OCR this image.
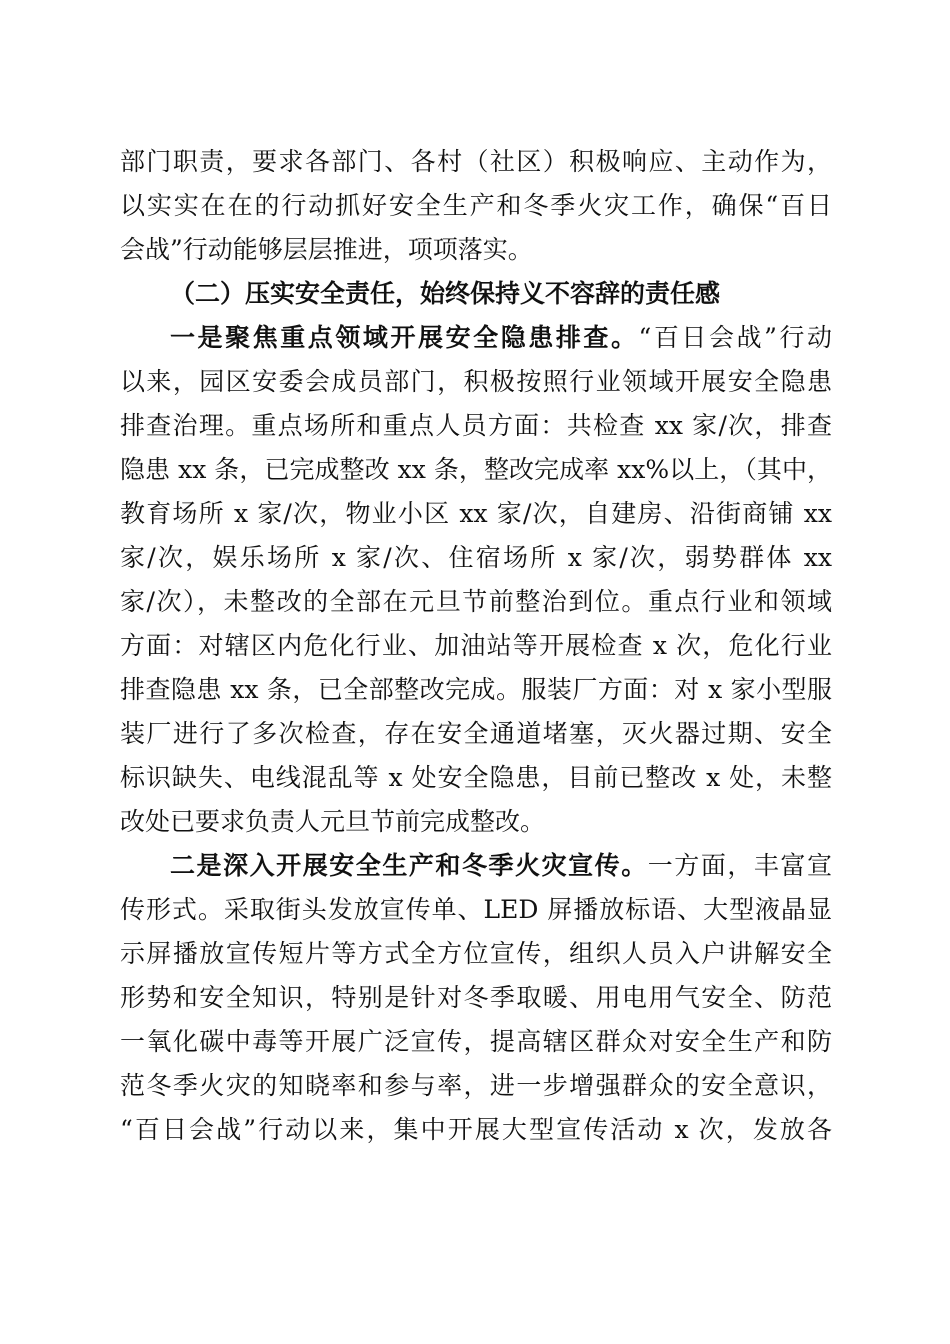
部门职责，要求各部门、各村（社区）积极响应、主动作为，
以实实在在的行动抓好安全生产和冬季火灾工作，确保“百日
会战”行动能够层层推进，项项落实。
（二）压实安全责任，始终保持义不容辞的责任感
一是聚焦重点领域开展安全隐患排查。“百日会战”行动
以来，园区安委会成员部门，积极按照行业领域开展安全隐患
排查治理。重点场所和重点人员方面：共检查 xx 家/次，排查
隐患 xx 条，已完成整改 xx 条，整改完成率 xx%以上，（其中，
教育场所 x 家/次，物业小区 xx 家/次，自建房、沿街商铺 xx
家/次，娱乐场所 x 家/次、住宿场所 x 家/次，弱势群体 xx
家/次），未整改的全部在元旦节前整治到位。重点行业和领域
方面：对辖区内危化行业、加油站等开展检查 x 次，危化行业
排查隐患 xx 条，已全部整改完成。服装厂方面：对 x 家小型服
装厂进行了多次检查，存在安全通道堵塞，灭火器过期、安全
标识缺失、电线混乱等 x 处安全隐患，目前已整改 x 处，未整
改处已要求负责人元旦节前完成整改。
二是深入开展安全生产和冬季火灾宣传。一方面，丰富宣
传形式。采取街头发放宣传单、LED 屏播放标语、大型液晶显
示屏播放宣传短片等方式全方位宣传，组织人员入户讲解安全
形势和安全知识，特别是针对冬季取暖、用电用气安全、防范
一氧化碳中毒等开展广泛宣传，提高辖区群众对安全生产和防
范冬季火灾的知晓率和参与率，进一步增强群众的安全意识，
“百日会战”行动以来，集中开展大型宣传活动 x 次，发放各
